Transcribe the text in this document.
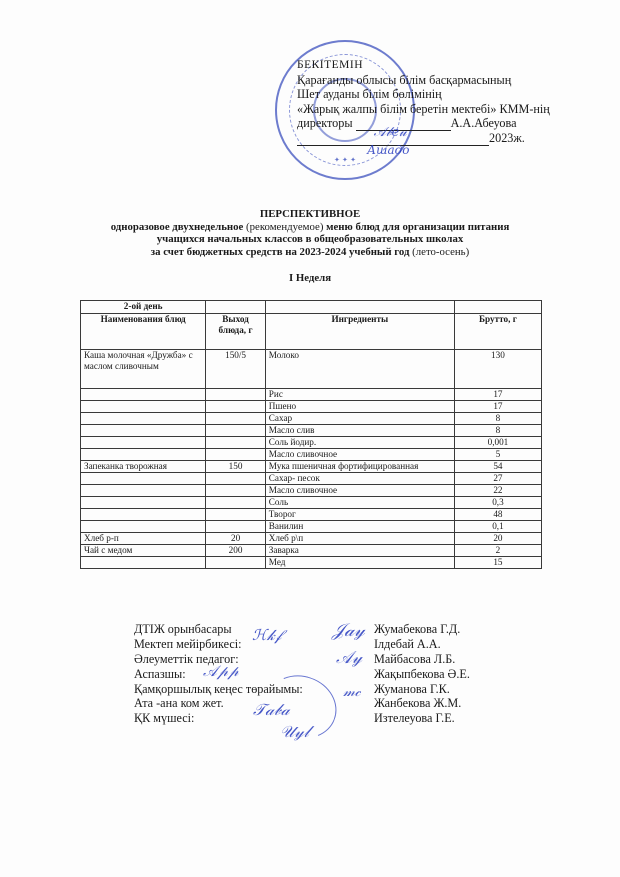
✦ ✦ ✦
БЕКІТЕМІН
Қарағанды облысы білім басқармасының
Шет ауданы білім бөлімінің
«Жарық жалпы білім беретін мектебі» КММ-нің
директоры
𝒜𝒷𝑒𝓊
А.А.Абеуова
Ашадо
2023ж.
ПЕРСПЕКТИВНОЕ
одноразовое двухнедельное (рекомендуемое) меню блюд для организации питания
учащихся начальных классов в общеобразовательных школах
за счет бюджетных средств на 2023-2024 учебный год (лето-осень)
I Неделя
2-ой день			
Наименования блюд	Выход блюда, г	Ингредиенты	Брутто, г
Каша молочная «Дружба» с маслом сливочным	150/5	Молоко	130
		Рис	17
		Пшено	17
		Сахар	8
		Масло слив	8
		Соль йодир.	0,001
		Масло сливочное	5
Запеканка творожная	150	Мука пшеничная фортифицированная	54
		Сахар- песок	27
		Масло сливочное	22
		Соль	0,3
		Творог	48
		Ванилин	0,1
Хлеб р-п	20	Хлеб р\п	20
Чай с медом	200	Заварка	2
		Мед	15
ДТІЖ орынбасары	Жумабекова Г.Д.
Мектеп мейірбикесі:	Ілдебай А.А.
Әлеуметтік педагог:	Майбасова Л.Б.
Аспазшы:	Жақыпбекова Ә.Е.
Қамқоршылық кеңес төрайымы:	Жуманова Г.К.
Ата -ана ком жет.	Жанбекова Ж.М.
ҚК мүшесі:	Изтелеуова Г.Е.
ℋ𝓀𝒻	𝒥𝒶𝓎
𝒜𝓎
𝒜𝓅𝓅
𝓂𝒸
𝒯𝒶𝒷𝒶
𝒰𝓎𝓁
